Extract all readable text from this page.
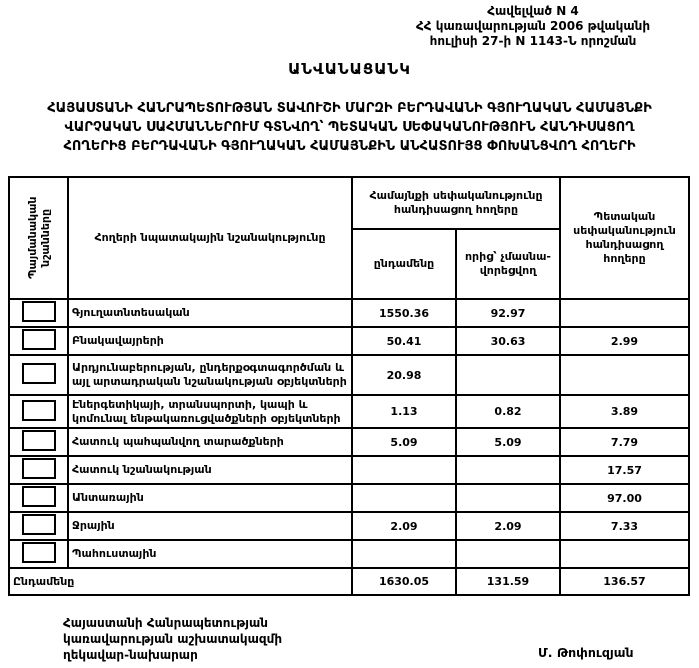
Հավելված N 4
ՀՀ կառավարության 2006 թվականի
հուլիսի 27-ի N 1143-Ն որոշման
ԱՆՎԱՆԱՑԱՆԿ
ՀԱՅԱՍՏԱՆԻ ՀԱՆՐԱՊԵՏՈՒԹՅԱՆ ՏԱՎՈՒՇԻ ՄԱՐԶԻ ԲԵՐԴԱՎԱՆԻ ԳՅՈՒՂԱԿԱՆ ՀԱՄԱՅՆՔԻ
ՎԱՐՉԱԿԱՆ ՍԱՀՄԱՆՆԵՐՈՒՄ ԳՏՆՎՈՂ՝ ՊԵՏԱԿԱՆ ՍԵՓԱԿԱՆՈՒԹՅՈՒՆ ՀԱՆԴԻՍԱՑՈՂ
ՀՈՂԵՐԻՑ ԲԵՐԴԱՎԱՆԻ ԳՅՈՒՂԱԿԱՆ ՀԱՄԱՅՆՔԻՆ ԱՆՀԱՏՈՒՅՑ ՓՈԽԱՆՑՎՈՂ ՀՈՂԵՐԻ
Պայմանական նշանները	Հողերի նպատակային նշանակությունը	Համայնքի սեփականությունը հանդիսացող հողերը		Պետական սեփականություն հանդիսացող հողերը
		ընդամենը	որից՝ չմասնա-վորեցվող	
	Գյուղատնտեսական	1550.36	92.97	
	Բնակավայրերի	50.41	30.63	2.99
	Արդյունաբերության, ընդերքօգտագործման և այլ արտադրական նշանակության օբյեկտների	20.98		
	Էներգետիկայի, տրանսպորտի, կապի և կոմունալ ենթակառուցվածքների օբյեկտների	1.13	0.82	3.89
	Հատուկ պահպանվող տարածքների	5.09	5.09	7.79
	Հատուկ նշանակության			17.57
	Անտառային			97.00
	Ջրային	2.09	2.09	7.33
	Պահուստային			
Ընդամենը		1630.05	131.59	136.57
Հայաստանի Հանրապետության
կառավարության աշխատակազմի
ղեկավար-նախարար	Մ. Թոփուզյան
